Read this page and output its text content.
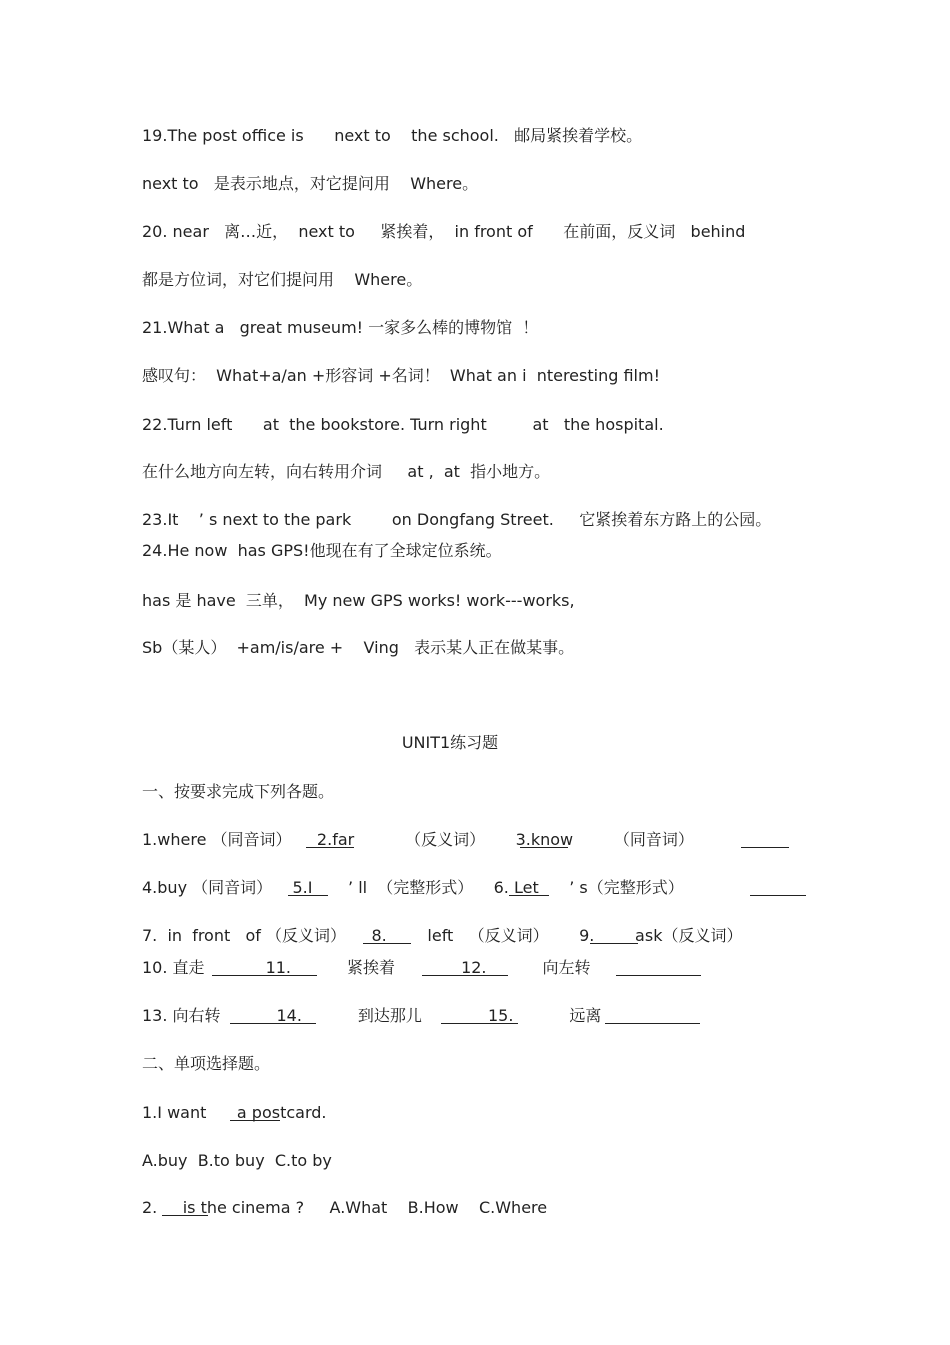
19.The post office is      next to    the school.   邮局紧挨着学校。
next to   是表示地点，对它提问用    Where。
20. near   离…近，  next to     紧挨着，  in front of      在前面，反义词   behind
都是方位词，对它们提问用    Where。
21.What a   great museum! 一家多么棒的博物馆  ！
感叹句：  What+a/an +形容词 +名词！  What an i  nteresting film!
22.Turn left      at  the bookstore. Turn right         at   the hospital.
在什么地方向左转，向右转用介词     at ,  at  指小地方。
23.It    ’ s next to the park        on Dongfang Street.     它紧挨着东方路上的公园。
24.He now  has GPS!他现在有了全球定位系统。
has 是 have  三单，  My new GPS works! work---works,
Sb（某人）  +am/is/are +    Ving   表示某人正在做某事。
UNIT1练习题
一、按要求完成下列各题。
1.where （同音词）     2.far          （反义词）      3.know        （同音词）
4.buy （同音词）    5.I       ’ ll  （完整形式）    6. Let      ’ s（完整形式）
7.  in  front   of （反义词）     8.        left   （反义词）      9.        ask（反义词）
10. 直走            11.           紧挨着             12.           向左转
13. 向右转           14.           到达那儿             15.           远离
二、单项选择题。
1.I want      a postcard.
A.buy  B.to buy  C.to by
2.     is the cinema ?     A.What    B.How    C.Where
